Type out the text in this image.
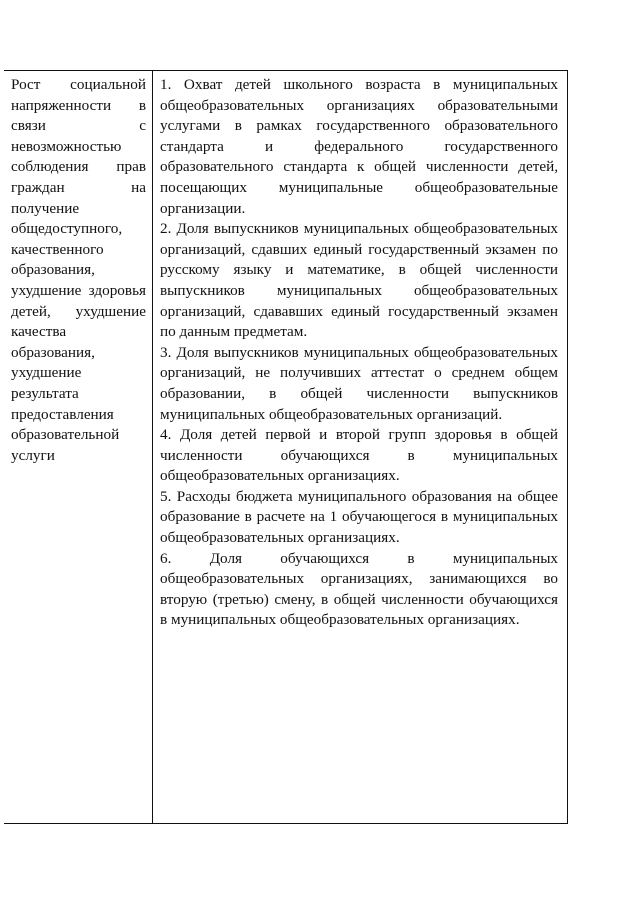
Рост социальной напряженности в связи с невозможностью соблюдения прав граждан на получение общедоступного, качественного образования, ухудшение здоровья детей, ухудшение качества образования, ухудшение результата предоставления образовательной услуги

1. Охват детей школьного возраста в муниципальных общеобразовательных организациях образовательными услугами в рамках государственного образовательного стандарта и федерального государственного образовательного стандарта к общей численности детей, посещающих муниципальные общеобразовательные организации.

2. Доля выпускников муниципальных общеобразовательных организаций, сдавших единый государственный экзамен по русскому языку и математике, в общей численности выпускников муниципальных общеобразовательных организаций, сдававших единый государственный экзамен по данным предметам.

3. Доля выпускников муниципальных общеобразовательных организаций, не получивших аттестат о среднем общем образовании, в общей численности выпускников муниципальных общеобразовательных организаций.

4. Доля детей первой и второй групп здоровья в общей численности обучающихся в муниципальных общеобразовательных организациях.

5. Расходы бюджета муниципального образования на общее образование в расчете на 1 обучающегося в муниципальных общеобразовательных организациях.

6. Доля обучающихся в муниципальных общеобразовательных организациях, занимающихся во вторую (третью) смену, в общей численности обучающихся в муниципальных общеобразовательных организациях.
